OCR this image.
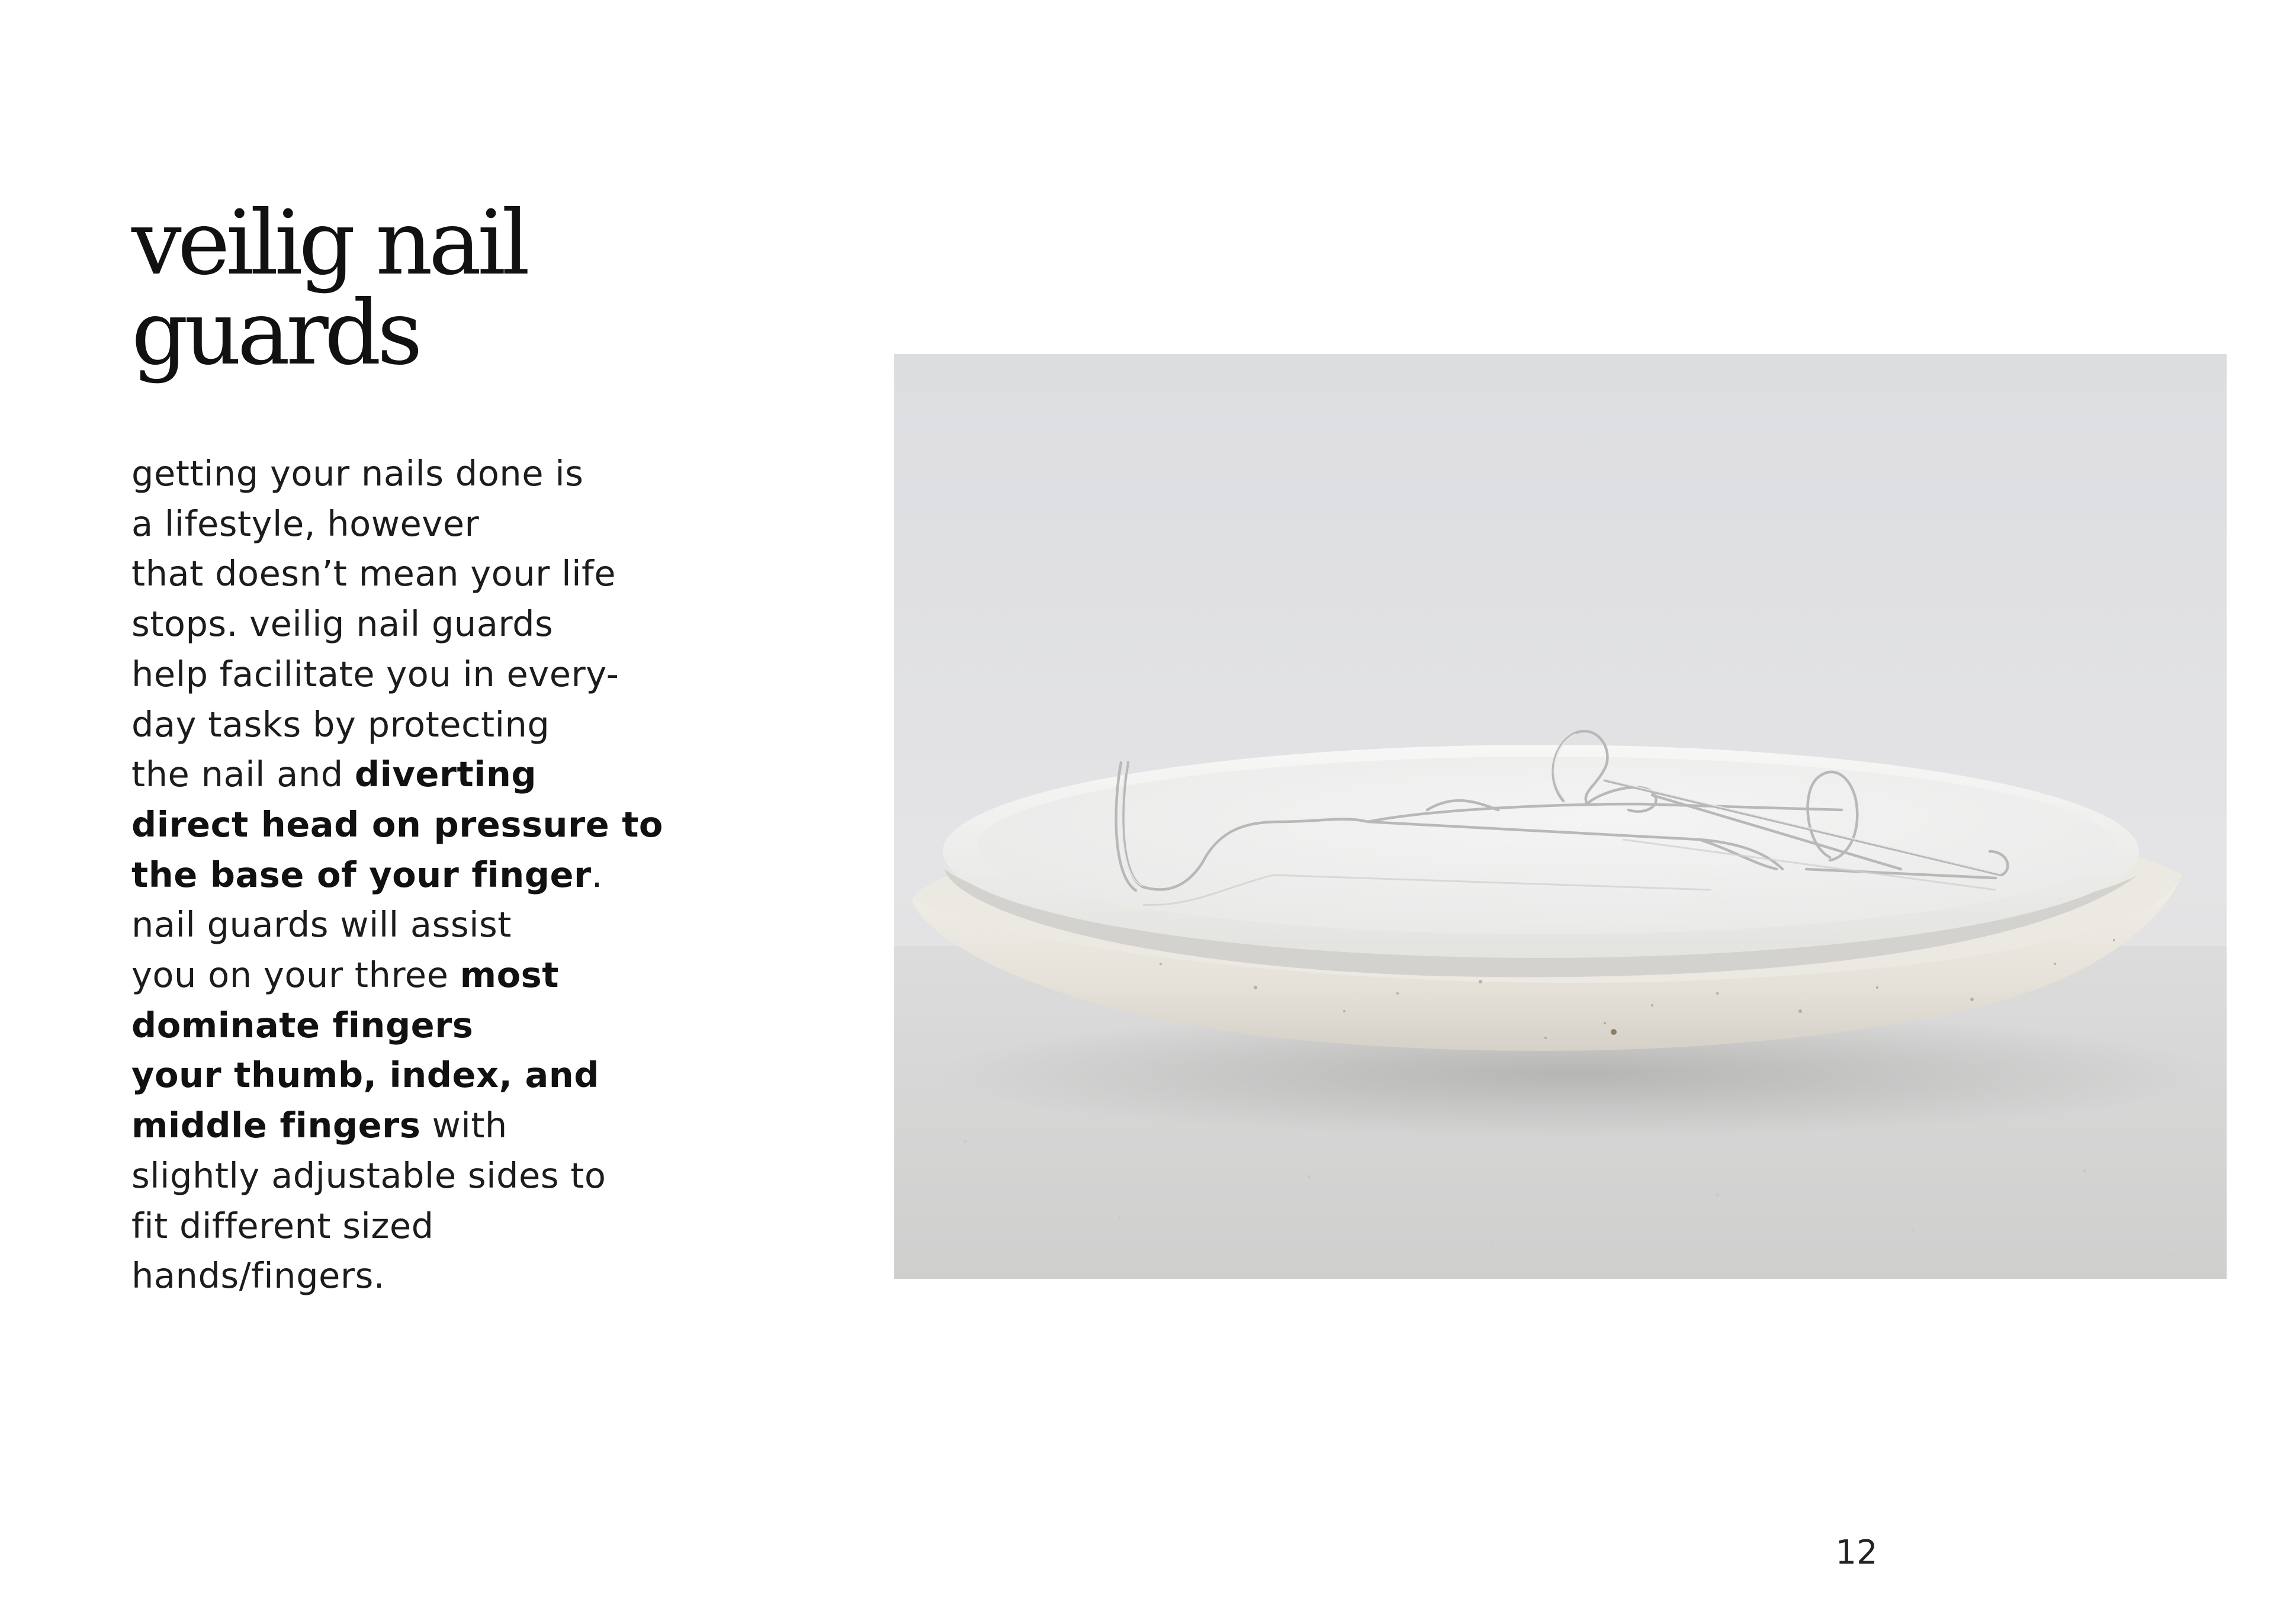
veilig nail
guards

getting your nails done is
a lifestyle, however
that doesn’t mean your life
stops. veilig nail guards
help facilitate you in every-
day tasks by protecting
the nail and diverting
direct head on pressure to
the base of your finger.
nail guards will assist
you on your three most
dominate fingers
your thumb, index, and
middle fingers with
slightly adjustable sides to
fit different sized
hands/fingers.

12
